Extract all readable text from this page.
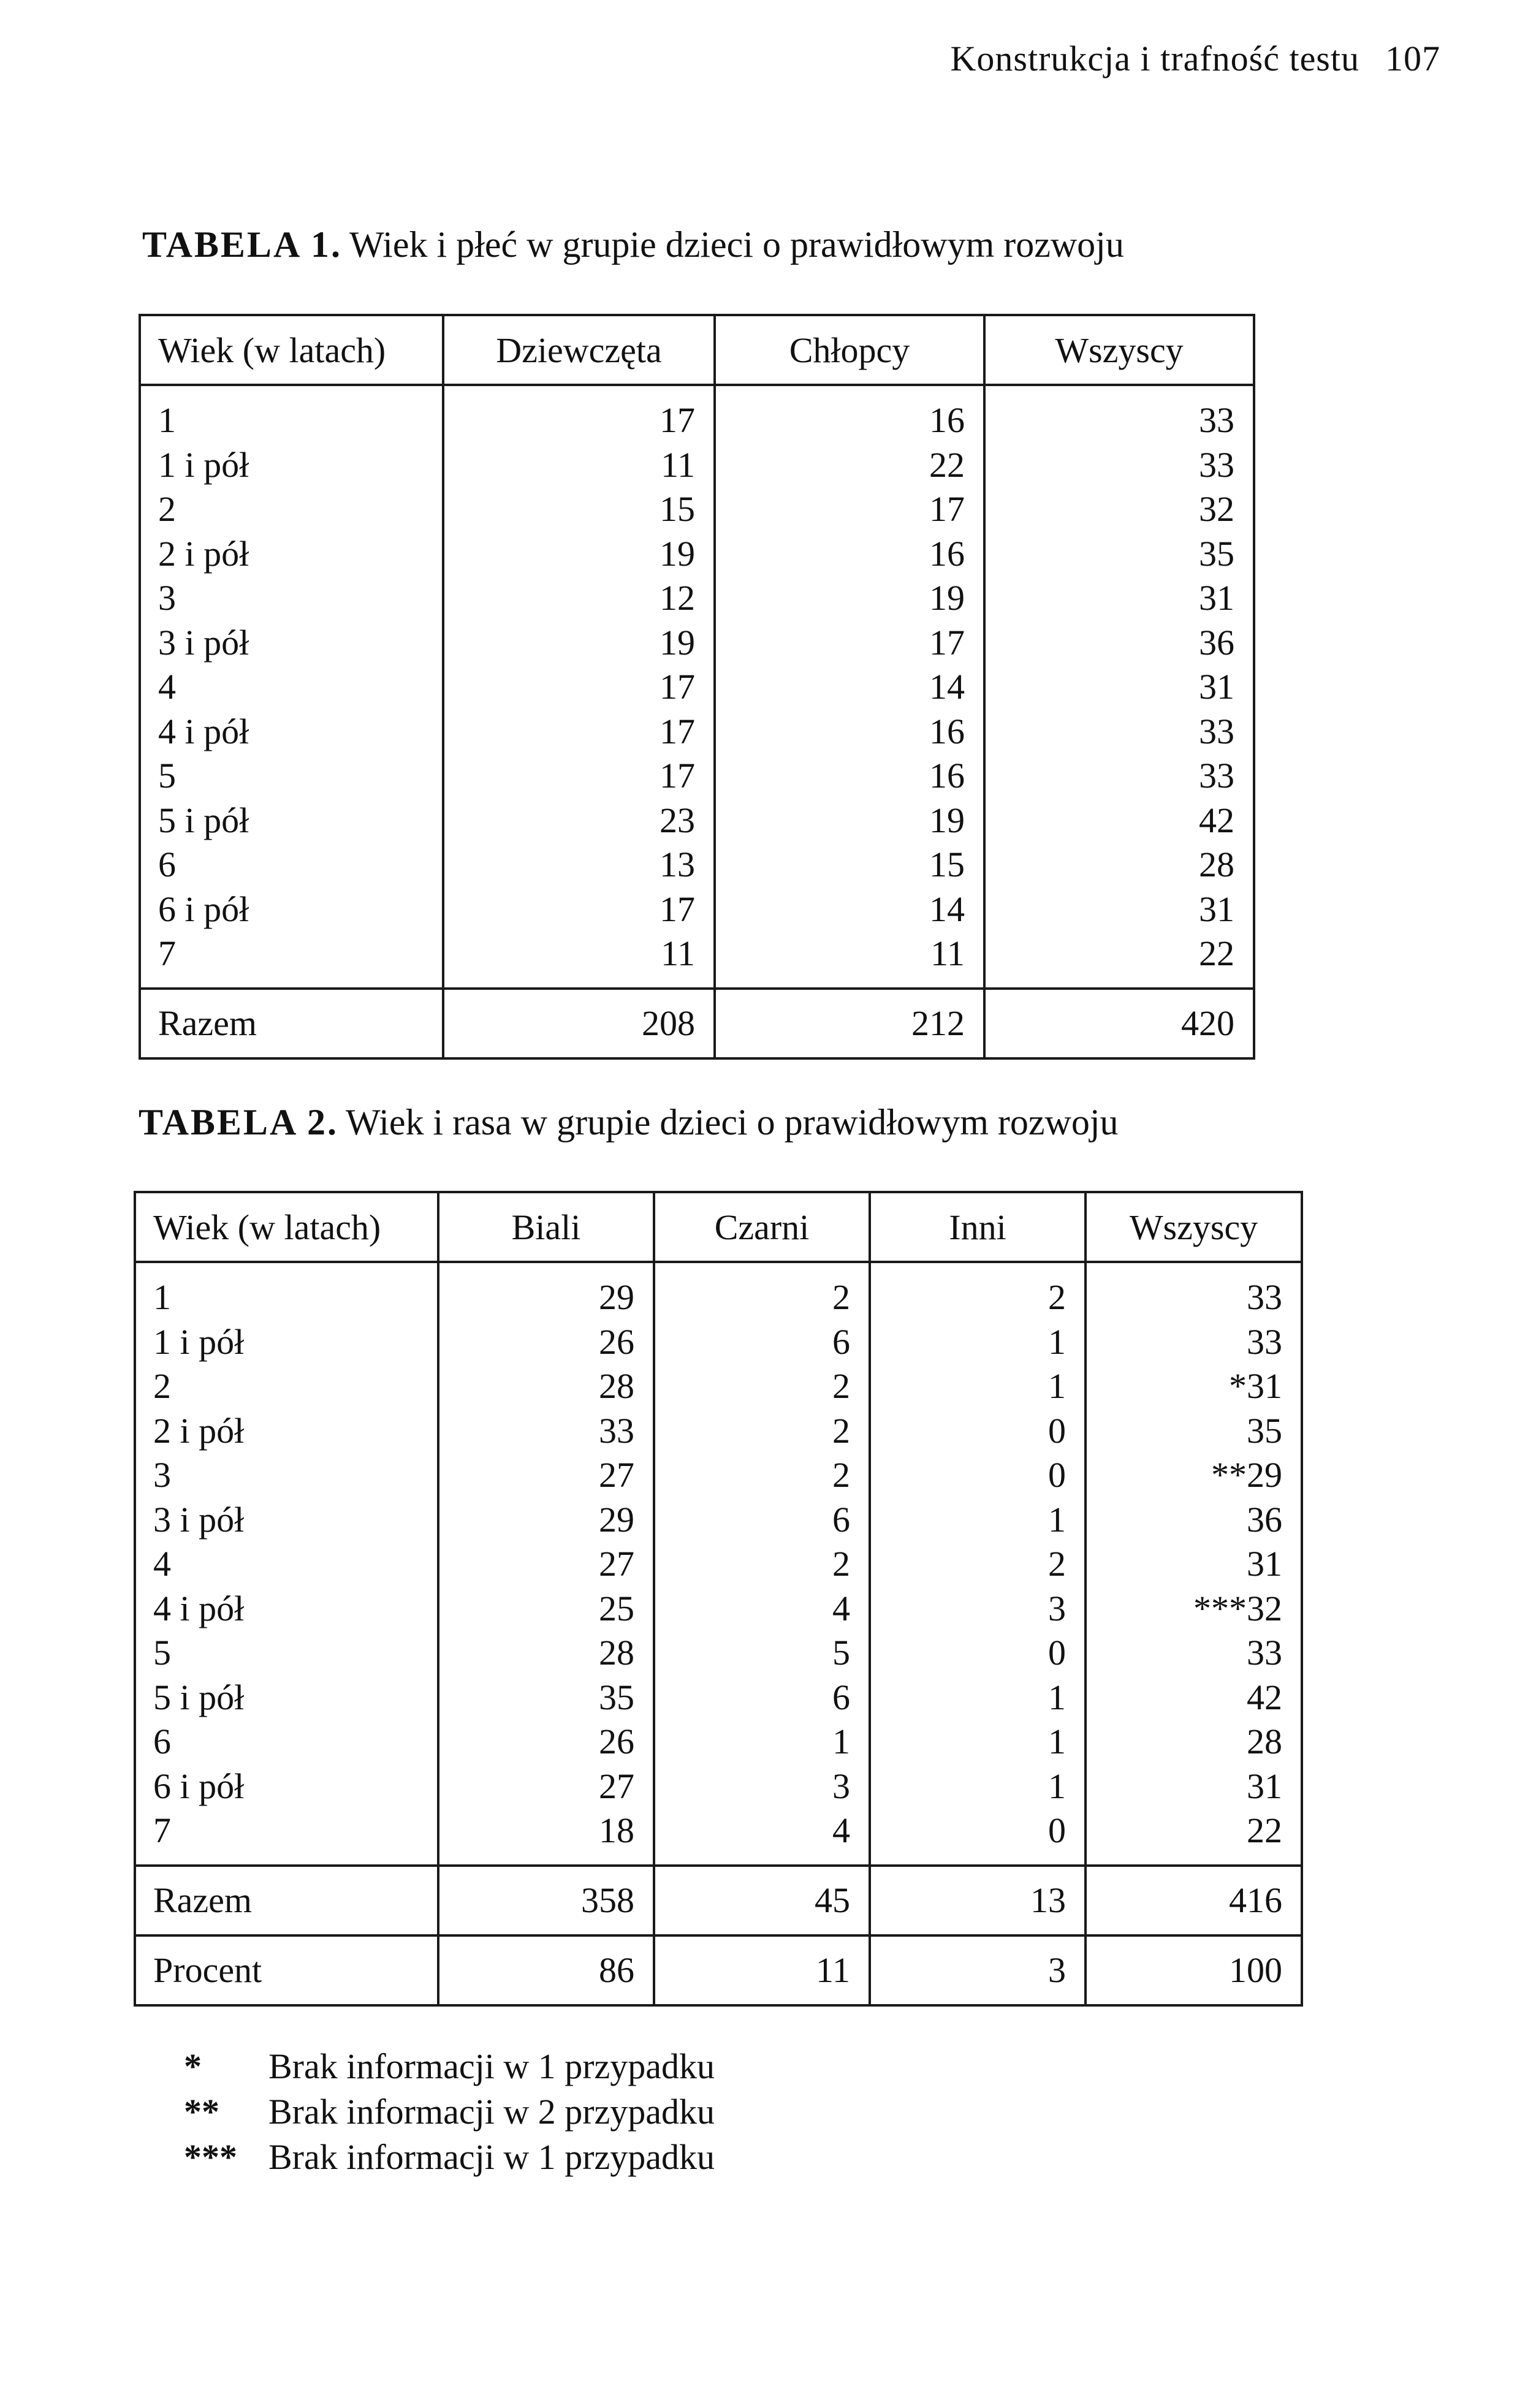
Konstrukcja i trafność testu 107
TABELA 1. Wiek i płeć w grupie dzieci o prawidłowym rozwoju
Wiek (w latach)	Dziewczęta	Chłopcy	Wszyscy
1	17	16	33
1 i pół	11	22	33
2	15	17	32
2 i pół	19	16	35
3	12	19	31
3 i pół	19	17	36
4	17	14	31
4 i pół	17	16	33
5	17	16	33
5 i pół	23	19	42
6	13	15	28
6 i pół	17	14	31
7	11	11	22
Razem	208	212	420
TABELA 2. Wiek i rasa w grupie dzieci o prawidłowym rozwoju
Wiek (w latach)	Biali	Czarni	Inni	Wszyscy
1	29	2	2	33
1 i pół	26	6	1	33
2	28	2	1	*31
2 i pół	33	2	0	35
3	27	2	0	**29
3 i pół	29	6	1	36
4	27	2	2	31
4 i pół	25	4	3	***32
5	28	5	0	33
5 i pół	35	6	1	42
6	26	1	1	28
6 i pół	27	3	1	31
7	18	4	0	22
Razem	358	45	13	416
Procent	86	11	3	100
*	Brak informacji w 1 przypadku
**	Brak informacji w 2 przypadku
*** Brak informacji w 1 przypadku
